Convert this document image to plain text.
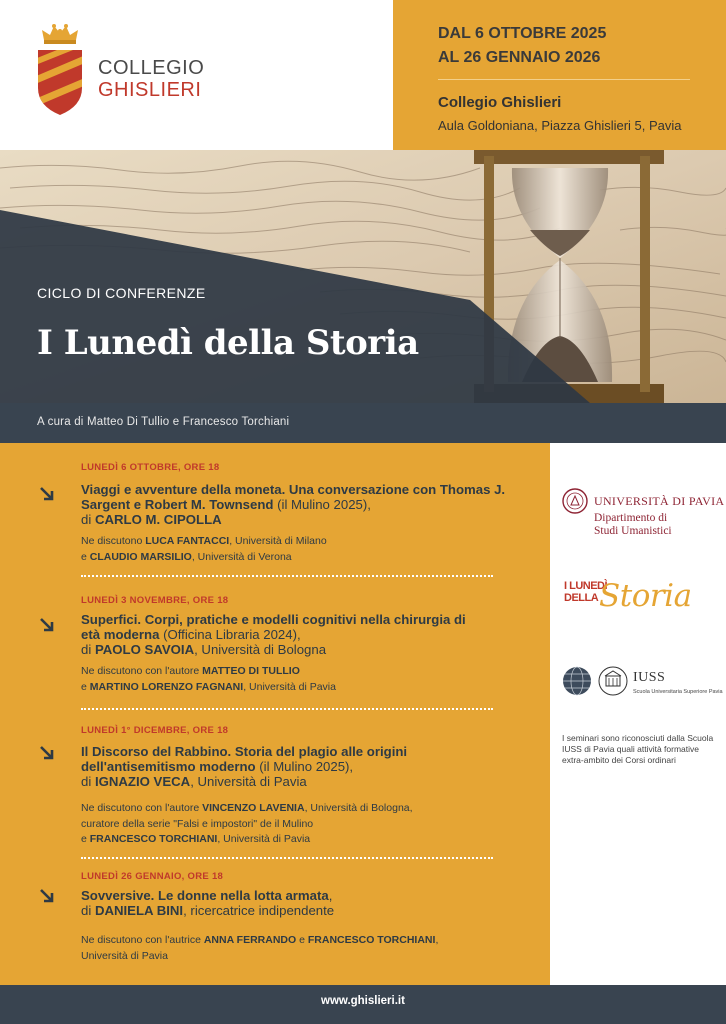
COLLEGIO
GHISLIERI
DAL 6 OTTOBRE 2025
AL 26 GENNAIO 2026
Collegio Ghislieri
Aula Goldoniana, Piazza Ghislieri 5, Pavia
CICLO DI CONFERENZE
I Lunedì della Storia
A cura di Matteo Di Tullio e Francesco Torchiani
LUNEDÌ 6 OTTOBRE, ORE 18
Viaggi e avventure della moneta. Una conversazione con Thomas J. Sargent e Robert M. Townsend (il Mulino 2025),
di CARLO M. CIPOLLA
Ne discutono LUCA FANTACCI, Università di Milano
e CLAUDIO MARSILIO, Università di Verona
LUNEDÌ 3 NOVEMBRE, ORE 18
Superfici. Corpi, pratiche e modelli cognitivi nella chirurgia di età moderna (Officina Libraria 2024),
di PAOLO SAVOIA, Università di Bologna
Ne discutono con l'autore MATTEO DI TULLIO
e MARTINO LORENZO FAGNANI, Università di Pavia
LUNEDÌ 1° DICEMBRE, ORE 18
Il Discorso del Rabbino. Storia del plagio alle origini dell'antisemitismo moderno (il Mulino 2025),
di IGNAZIO VECA, Università di Pavia
Ne discutono con l'autore VINCENZO LAVENIA, Università di Bologna,
curatore della serie "Falsi e impostori" de il Mulino
e FRANCESCO TORCHIANI, Università di Pavia
LUNEDÌ 26 GENNAIO, ORE 18
Sovversive. Le donne nella lotta armata,
di DANIELA BINI, ricercatrice indipendente
Ne discutono con l'autrice ANNA FERRANDO e FRANCESCO TORCHIANI,
Università di Pavia
UNIVERSITÀ DI PAVIA
Dipartimento di
Studi Umanistici
I LUNEDÌ
DELLA Storia
IUSS
Scuola Universitaria Superiore Pavia
I seminari sono riconosciuti dalla Scuola IUSS di Pavia quali attività formative extra-ambito dei Corsi ordinari
www.ghislieri.it
